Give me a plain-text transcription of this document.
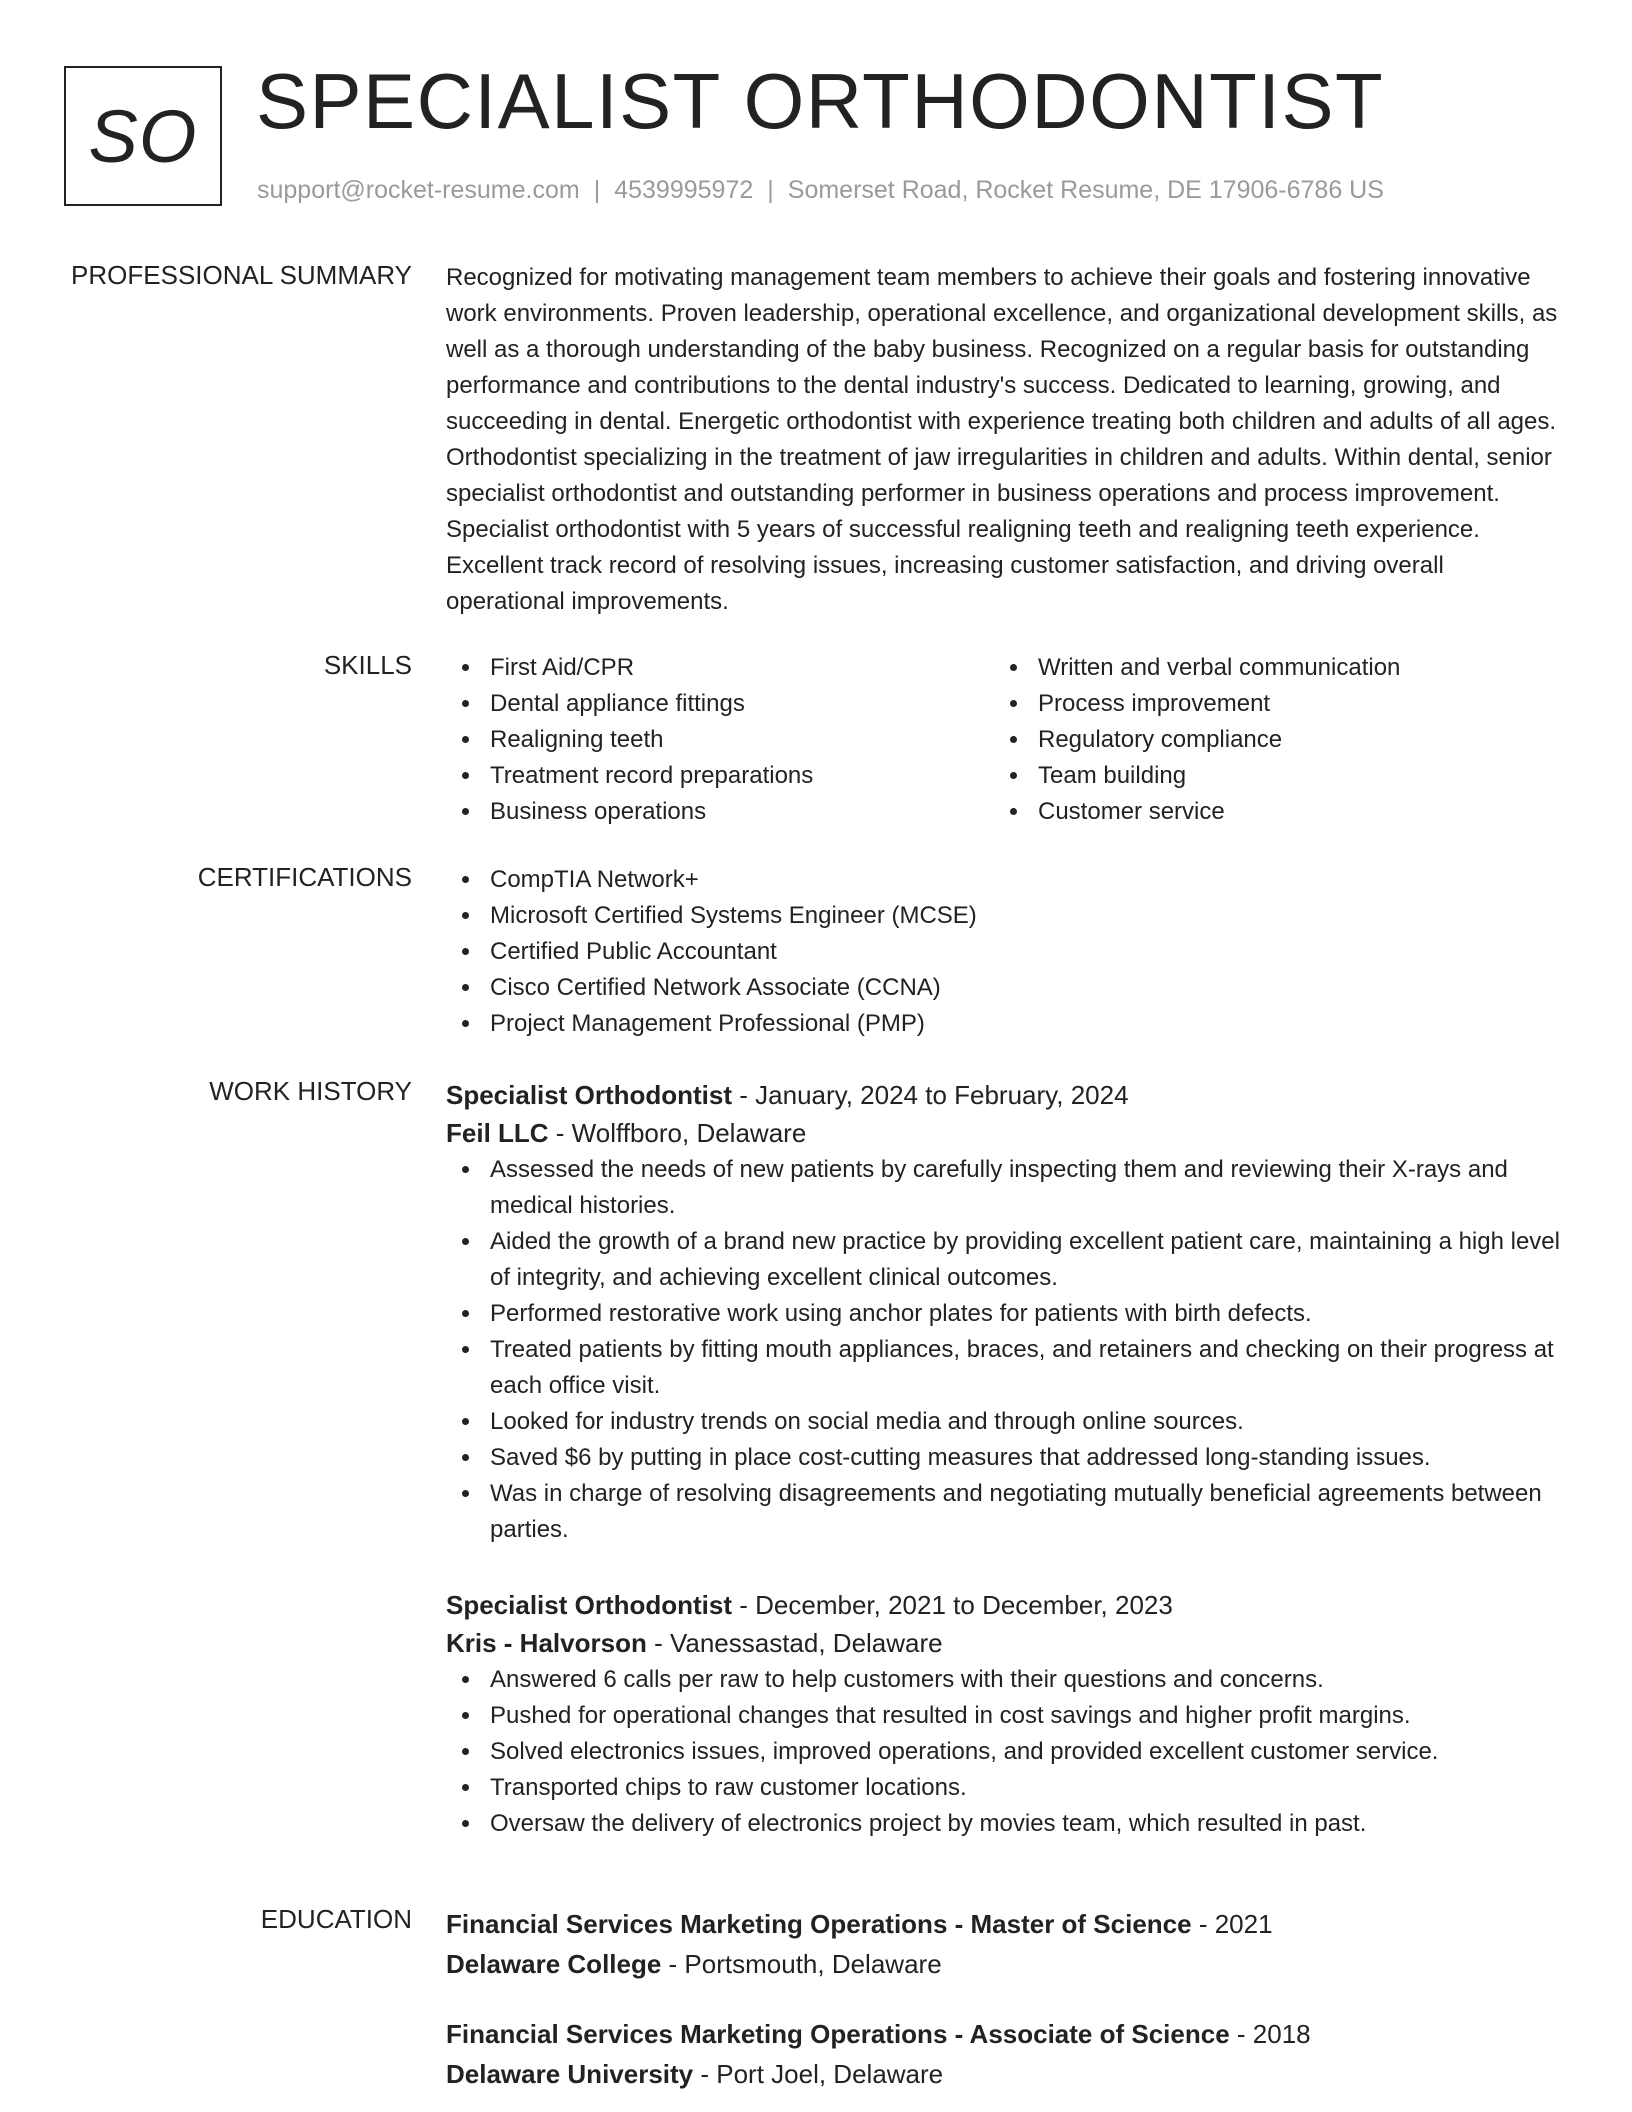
SO SPECIALIST ORTHODONTIST
support@rocket-resume.com | 4539995972 | Somerset Road, Rocket Resume, DE 17906-6786 US
PROFESSIONAL SUMMARY Recognized for motivating management team members to achieve their goals and fostering innovative work environments. Proven leadership, operational excellence, and organizational development skills, as well as a thorough understanding of the baby business. Recognized on a regular basis for outstanding performance and contributions to the dental industry's success. Dedicated to learning, growing, and succeeding in dental. Energetic orthodontist with experience treating both children and adults of all ages. Orthodontist specializing in the treatment of jaw irregularities in children and adults. Within dental, senior specialist orthodontist and outstanding performer in business operations and process improvement. Specialist orthodontist with 5 years of successful realigning teeth and realigning teeth experience. Excellent track record of resolving issues, increasing customer satisfaction, and driving overall operational improvements.

SKILLS	First Aid/CPR
Dental appliance fittings
Realigning teeth
Treatment record preparations
Business operations
Written and verbal communication
Process improvement
Regulatory compliance
Team building
Customer service
CERTIFICATIONS	CompTIA Network+
Microsoft Certified Systems Engineer (MCSE)
Certified Public Accountant
Cisco Certified Network Associate (CCNA)
Project Management Professional (PMP)
WORK HISTORY Specialist Orthodontist - January, 2024 to February, 2024
Feil LLC - Wolffboro, Delaware
Assessed the needs of new patients by carefully inspecting them and reviewing their X-rays and medical histories.
Aided the growth of a brand new practice by providing excellent patient care, maintaining a high level of integrity, and achieving excellent clinical outcomes.
Performed restorative work using anchor plates for patients with birth defects.
Treated patients by fitting mouth appliances, braces, and retainers and checking on their progress at each office visit.
Looked for industry trends on social media and through online sources.
Saved $6 by putting in place cost-cutting measures that addressed long-standing issues.
Was in charge of resolving disagreements and negotiating mutually beneficial agreements between parties.
Specialist Orthodontist - December, 2021 to December, 2023
Kris - Halvorson - Vanessastad, Delaware
Answered 6 calls per raw to help customers with their questions and concerns.
Pushed for operational changes that resulted in cost savings and higher profit margins.
Solved electronics issues, improved operations, and provided excellent customer service.
Transported chips to raw customer locations.
Oversaw the delivery of electronics project by movies team, which resulted in past.
EDUCATION Financial Services Marketing Operations - Master of Science - 2021
Delaware College - Portsmouth, Delaware
Financial Services Marketing Operations - Associate of Science - 2018
Delaware University - Port Joel, Delaware
